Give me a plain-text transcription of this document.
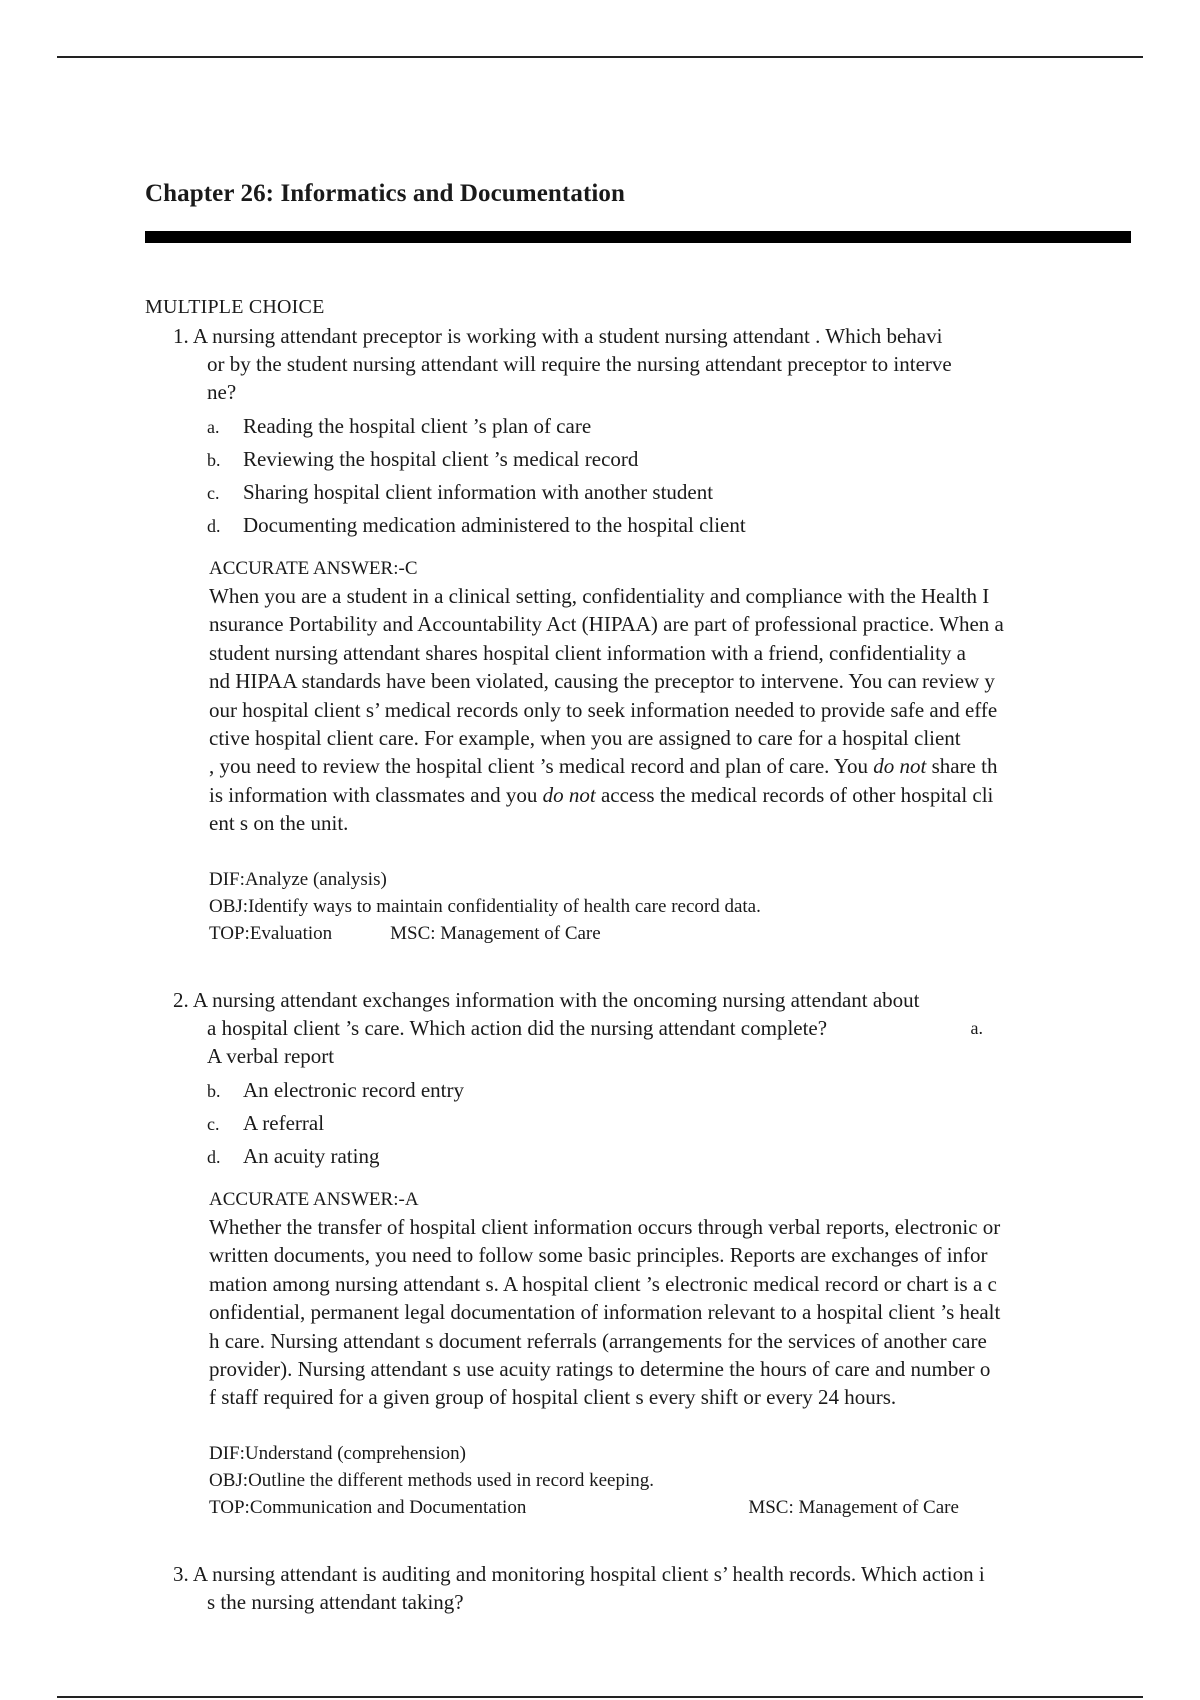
Chapter 26: Informatics and Documentation
MULTIPLE CHOICE
1. A nursing attendant preceptor is working with a student nursing attendant . Which behavi
or by the student nursing attendant will require the nursing attendant preceptor to interve
ne?
a. Reading the hospital client ’s plan of care
b. Reviewing the hospital client ’s medical record
c. Sharing hospital client information with another student
d. Documenting medication administered to the hospital client
ACCURATE ANSWER:-C
When you are a student in a clinical setting, confidentiality and compliance with the Health I
nsurance Portability and Accountability Act (HIPAA) are part of professional practice. When a
student nursing attendant shares hospital client information with a friend, confidentiality a
nd HIPAA standards have been violated, causing the preceptor to intervene. You can review y
our hospital client s’ medical records only to seek information needed to provide safe and effe
ctive hospital client care. For example, when you are assigned to care for a hospital client
, you need to review the hospital client ’s medical record and plan of care. You do not share th
is information with classmates and you do not access the medical records of other hospital cli
ent s on the unit.
DIF:Analyze (analysis)
OBJ:Identify ways to maintain confidentiality of health care record data.
TOP:Evaluation	MSC: Management of Care
2. A nursing attendant exchanges information with the oncoming nursing attendant about
a hospital client ’s care. Which action did the nursing attendant complete?	a.
A verbal report
b. An electronic record entry
c. A referral
d. An acuity rating
ACCURATE ANSWER:-A
Whether the transfer of hospital client information occurs through verbal reports, electronic or
written documents, you need to follow some basic principles. Reports are exchanges of infor
mation among nursing attendant s. A hospital client ’s electronic medical record or chart is a c
onfidential, permanent legal documentation of information relevant to a hospital client ’s healt
h care. Nursing attendant s document referrals (arrangements for the services of another care
provider). Nursing attendant s use acuity ratings to determine the hours of care and number o
f staff required for a given group of hospital client s every shift or every 24 hours.
DIF:Understand (comprehension)
OBJ:Outline the different methods used in record keeping.
TOP:Communication and Documentation	MSC: Management of Care
3. A nursing attendant is auditing and monitoring hospital client s’ health records. Which action i
s the nursing attendant taking?
